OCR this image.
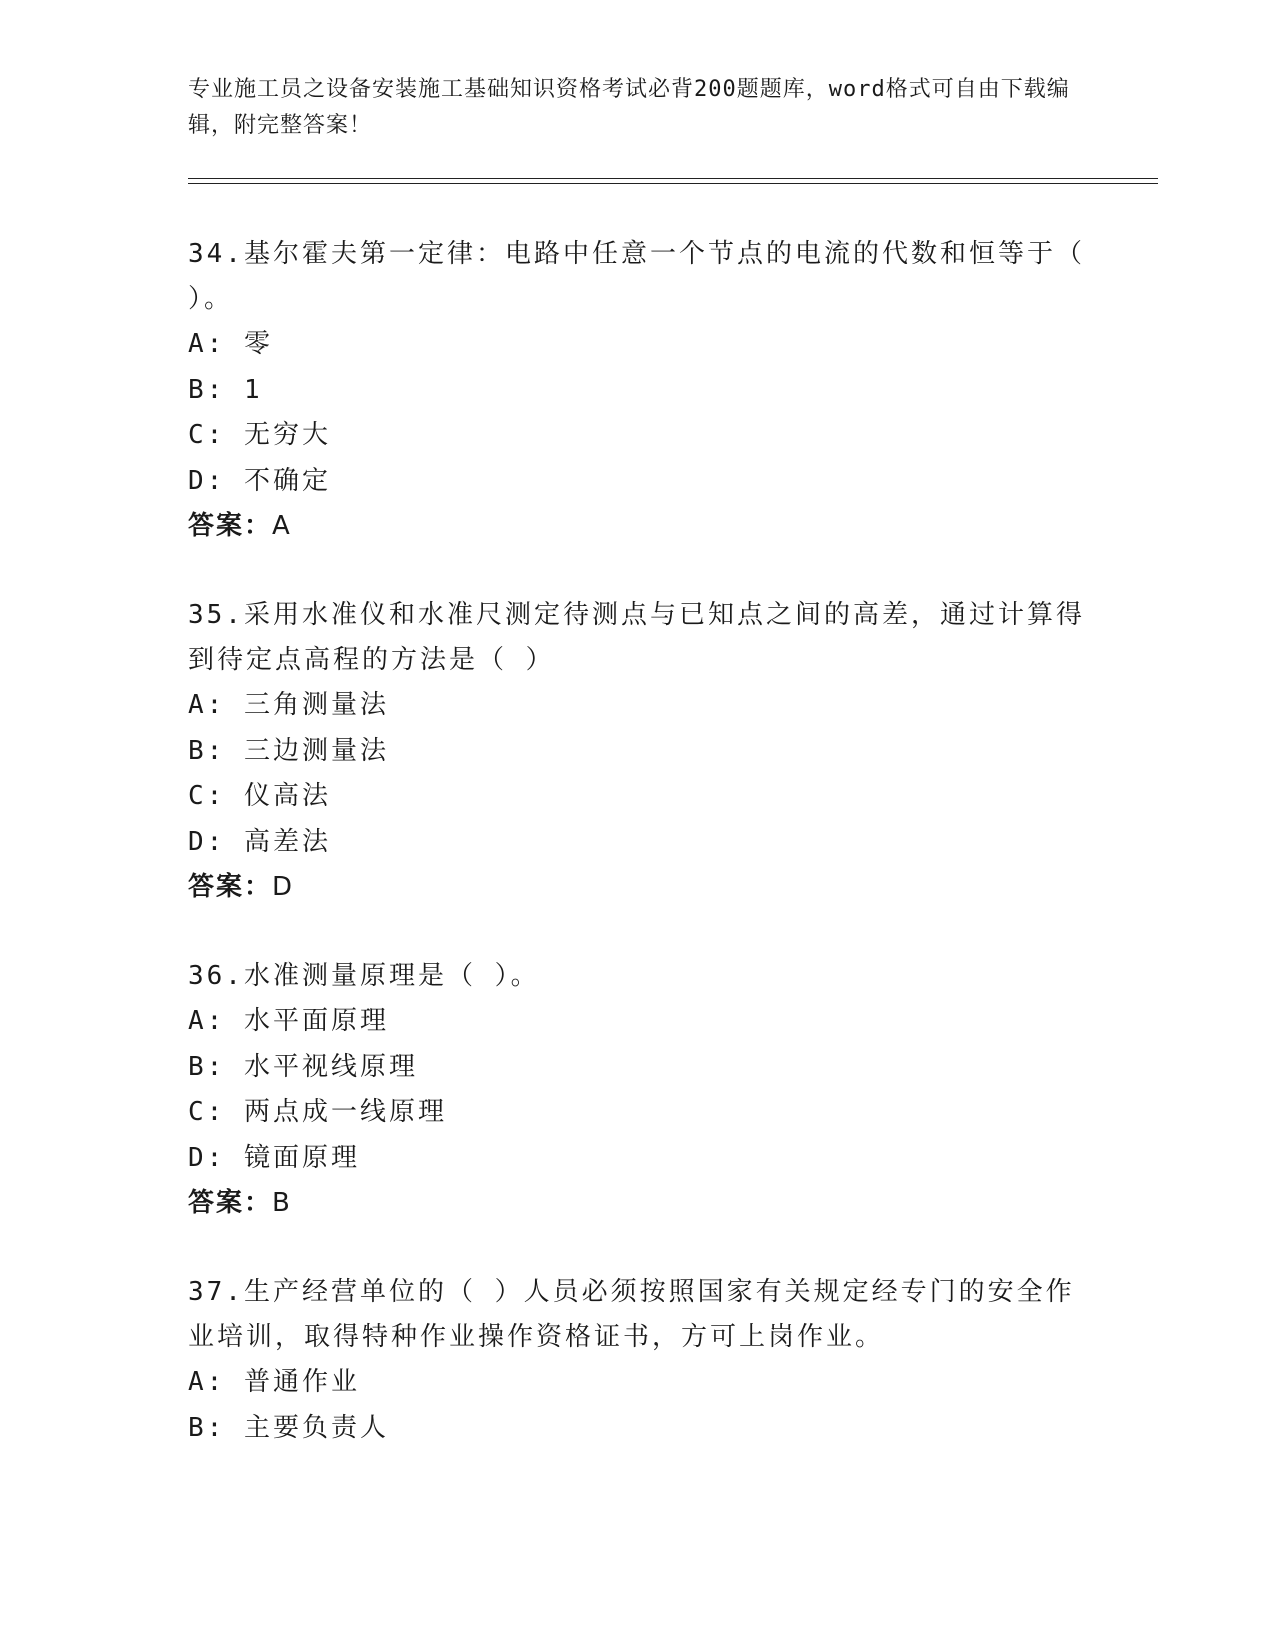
专业施工员之设备安装施工基础知识资格考试必背200题题库，word格式可自由下载编辑，附完整答案！
34.基尔霍夫第一定律：电路中任意一个节点的电流的代数和恒等于（ ）。
A: 零
B: 1
C: 无穷大
D: 不确定
答案：A
35.采用水准仪和水准尺测定待测点与已知点之间的高差，通过计算得到待定点高程的方法是（ ）
A: 三角测量法
B: 三边测量法
C: 仪高法
D: 高差法
答案：D
36.水准测量原理是（ ）。
A: 水平面原理
B: 水平视线原理
C: 两点成一线原理
D: 镜面原理
答案：B
37.生产经营单位的（ ）人员必须按照国家有关规定经专门的安全作业培训，取得特种作业操作资格证书，方可上岗作业。
A: 普通作业
B: 主要负责人
